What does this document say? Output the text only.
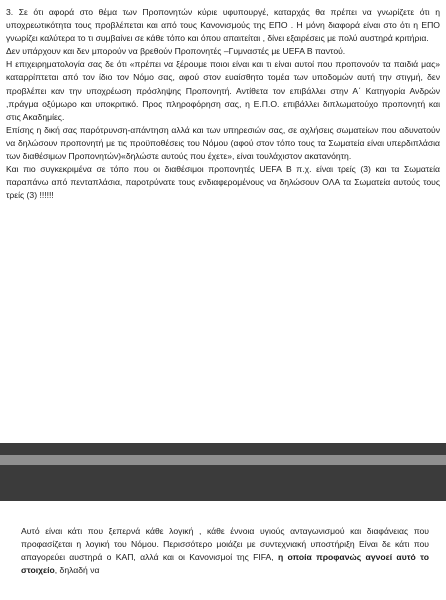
3. Σε ότι αφορά στο θέμα των Προπονητών κύριε υφυπουργέ, καταρχάς θα πρέπει να γνωρίζετε ότι η υποχρεωτικότητα τους προβλέπεται και από τους Κανονισμούς της ΕΠΟ . Η μόνη διαφορά είναι στο ότι η ΕΠΟ γνωρίζει καλύτερα το τι συμβαίνει σε κάθε τόπο και όπου απαιτείται , δίνει εξαιρέσεις με πολύ αυστηρά κριτήρια.

Δεν υπάρχουν και δεν μπορούν να βρεθούν Προπονητές –Γυμναστές με UEFA Β παντού.

Η επιχειρηματολογία σας δε ότι «πρέπει να ξέρουμε ποιοι είναι και τι είναι αυτοί που προπονούν τα παιδιά μας» καταρρίπτεται από τον ίδιο τον Νόμο σας, αφού στον ευαίσθητο τομέα των υποδομών αυτή την στιγμή, δεν προβλέπει καν την υποχρέωση πρόσληψης Προπονητή. Αντίθετα τον επιβάλλει στην Α΄ Κατηγορία Ανδρών ,πράγμα οξύμωρο και υποκριτικό. Προς πληροφόρηση σας, η Ε.Π.Ο. επιβάλλει διπλωματούχο προπονητή και στις Ακαδημίες.

Επίσης η δική σας παρότρυνση-απάντηση αλλά και των υπηρεσιών σας, σε αχλήσεις σωματείων που αδυνατούν να δηλώσουν προπονητή με τις προϋποθέσεις του Νόμου (αφού στον τόπο τους τα Σωματεία είναι υπερδιπλάσια των διαθέσιμων Προπονητών)«δηλώστε αυτούς που έχετε», είναι τουλάχιστον ακατανόητη.

Και πιο συγκεκριμένα σε τόπο που οι διαθέσιμοι προπονητές UEFA Β π.χ. είναι τρείς (3) και τα Σωματεία παραπάνω από πενταπλάσια, παροτρύνατε τους ενδιαφερομένους να δηλώσουν ΟΛΑ τα Σωματεία αυτούς τους τρείς (3) !!!!!!

Αυτό είναι κάτι που ξεπερνά κάθε λογική , κάθε έννοια υγιούς ανταγωνισμού και διαφάνειας που προφασίζεται η λογική του Νόμου. Περισσότερο μοιάζει με συντεχνιακή υποστήριξη Είναι δε κάτι που απαγορεύει αυστηρά ο ΚΑΠ, αλλά και οι Κανονισμοί της FIFA, η οποία προφανώς αγνοεί αυτό το στοιχείο, δηλαδή να
